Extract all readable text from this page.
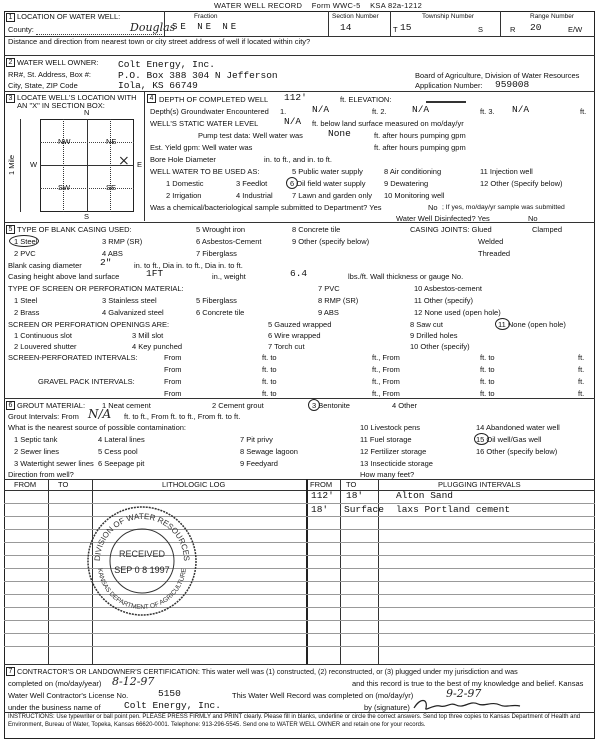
WATER WELL RECORD Form WWC-5 KSA 82a-1212
1 LOCATION OF WATER WELL:
County:	Douglas
Fraction
SE NE NE
Section Number
14
Township Number
T 15	S
Range Number
R 20	E/W
Distance and direction from nearest town or city street address of well if located within city?
2 WATER WELL OWNER: Colt Energy, Inc.
RR#, St. Address, Box #:	P.O. Box 388 304 N Jefferson
City, State, ZIP Code	Iola, KS 66749
Board of Agriculture, Division of Water Resources
Application Number: 959008
3 LOCATE WELL'S LOCATION WITH
AN "X" IN SECTION BOX:
NW	NE
SW	SE
N
S
W	E
1 Mile	×
4 DEPTH OF COMPLETED WELL 112'	ft. ELEVATION:
Depth(s) Groundwater Encountered 1.	N/A	ft. 2.	N/A	ft. 3. N/A	ft.
WELL'S STATIC WATER LEVEL	N/A ft. below land surface measured on mo/day/yr
Pump test data: Well water was	None	ft. after hours pumping gpm
Est. Yield gpm: Well water was	ft. after hours pumping gpm
Bore Hole Diameter	in. to ft., and in. to ft.
WELL WATER TO BE USED AS:	5 Public water supply	8 Air conditioning	11 Injection well
1 Domestic	3 Feedlot	6 Oil field water supply 9 Dewatering	12 Other (Specify below)
2 Irrigation	4 Industrial	7 Lawn and garden only 10 Monitoring well
Was a chemical/bacteriological sample submitted to Department? Yes	No ; If yes, mo/day/yr sample was submitted
Water Well Disinfected? Yes	No
5 TYPE OF BLANK CASING USED:	5 Wrought iron	8 Concrete tile	CASING JOINTS: Glued	Clamped
1 Steel	3 RMP (SR)	6 Asbestos-Cement	9 Other (specify below)	Welded
2 PVC	4 ABS	7 Fiberglass	Threaded
Blank casing diameter 2"	in. to ft., Dia in. to ft., Dia in. to ft.
Casing height above land surface	1FT	in., weight	6.4	lbs./ft. Wall thickness or gauge No.
TYPE OF SCREEN OR PERFORATION MATERIAL:	7 PVC	10 Asbestos-cement
1 Steel	3 Stainless steel	5 Fiberglass	8 RMP (SR)	11 Other (specify)
2 Brass	4 Galvanized steel	6 Concrete tile	9 ABS	12 None used (open hole)
SCREEN OR PERFORATION OPENINGS ARE:	5 Gauzed wrapped	8 Saw cut	11 None (open hole)
1 Continuous slot	3 Mill slot	6 Wire wrapped	9 Drilled holes
2 Louvered shutter	4 Key punched	7 Torch cut	10 Other (specify)
SCREEN-PERFORATED INTERVALS:	From	ft. to	ft., From	ft. to	ft.
From	ft. to	ft., From	ft. to	ft.
GRAVEL PACK INTERVALS:	From	ft. to	ft., From	ft. to	ft.
From	ft. to	ft., From	ft. to	ft.
6 GROUT MATERIAL: 1 Neat cement	2 Cement grout	3 Bentonite	4 Other
Grout Intervals: From N/A ft. to ft., From ft. to ft., From ft. to ft.
What is the nearest source of possible contamination:	10 Livestock pens	14 Abandoned water well
1 Septic tank	4 Lateral lines	7 Pit privy	11 Fuel storage	15 Oil well/Gas well
2 Sewer lines	5 Cess pool	8 Sewage lagoon	12 Fertilizer storage	16 Other (specify below)
3 Watertight sewer lines 6 Seepage pit	9 Feedyard	13 Insecticide storage
Direction from well?	How many feet?
FROM	TO	LITHOLOGIC LOG	FROM TO	PLUGGING INTERVALS
112' 18'	Alton Sand
18' Surface laxs Portland cement
DIVISION OF WATER RESOURCES
KANSAS DEPARTMENT OF AGRICULTURE
RECEIVED
SEP 0 8 1997
7 CONTRACTOR'S OR LANDOWNER'S CERTIFICATION: This water well was (1) constructed, (2) reconstructed, or (3) plugged under my jurisdiction and was
completed on (mo/day/year) 8-12-97	and this record is true to the best of my knowledge and belief. Kansas
Water Well Contractor's License No.	5150	This Water Well Record was completed on (mo/day/yr)	9-2-97
under the business name of Colt Energy, Inc.	by (signature)
INSTRUCTIONS: Use typewriter or ball point pen. PLEASE PRESS FIRMLY and PRINT clearly. Please fill in blanks, underline or circle the correct answers. Send top three copies to Kansas Department of Health and Environment, Bureau of Water, Topeka, Kansas 66620-0001. Telephone: 913-296-5545. Send one to WATER WELL OWNER and retain one for your records.
